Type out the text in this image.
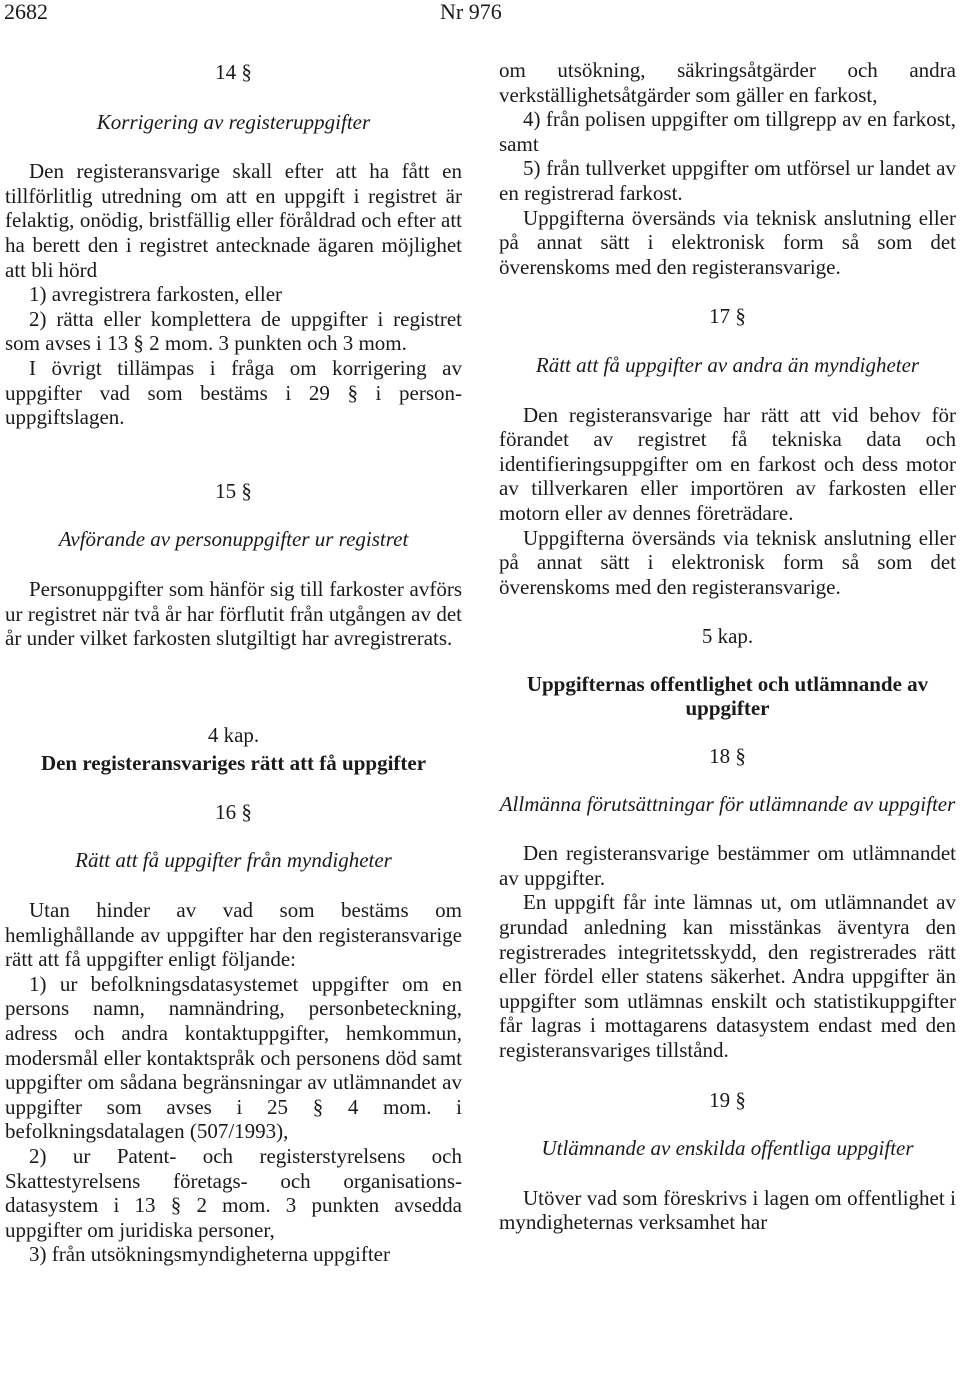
2682	Nr 976

14 §

Korrigering av registeruppgifter

Den registeransvarige skall efter att ha fått en tillförlitlig utredning om att en uppgift i registret är felaktig, onödig, bristfällig eller föråldrad och efter att ha berett den i registret antecknade ägaren möjlighet att bli hörd

1) avregistrera farkosten, eller

2) rätta eller komplettera de uppgifter i registret som avses i 13 § 2 mom. 3 punkten och 3 mom.

I övrigt tillämpas i fråga om korrigering av uppgifter vad som bestäms i 29 § i personuppgiftslagen.

15 §

Avförande av personuppgifter ur registret

Personuppgifter som hänför sig till farkoster avförs ur registret när två år har förflutit från utgången av det år under vilket farkosten slutgiltigt har avregistrerats.

4 kap.

Den registeransvariges rätt att få uppgifter

16 §

Rätt att få uppgifter från myndigheter

Utan hinder av vad som bestäms om hemlighållande av uppgifter har den registeransvarige rätt att få uppgifter enligt följande:

1) ur befolkningsdatasystemet uppgifter om en persons namn, namnändring, personbeteckning, adress och andra kontaktuppgifter, hemkommun, modersmål eller kontaktspråk och personens död samt uppgifter om sådana begränsningar av utlämnandet av uppgifter som avses i 25 § 4 mom. i befolkningsdatalagen (507/1993),

2) ur Patent- och registerstyrelsens och Skattestyrelsens företags- och organisationsdatasystem i 13 § 2 mom. 3 punkten avsedda uppgifter om juridiska personer,

3) från utsökningsmyndigheterna uppgifter

om utsökning, säkringsåtgärder och andra verkställighetsåtgärder som gäller en farkost,

4) från polisen uppgifter om tillgrepp av en farkost, samt

5) från tullverket uppgifter om utförsel ur landet av en registrerad farkost.

Uppgifterna översänds via teknisk anslutning eller på annat sätt i elektronisk form så som det överenskoms med den registeransvarige.

17 §

Rätt att få uppgifter av andra än myndigheter

Den registeransvarige har rätt att vid behov för förandet av registret få tekniska data och identifieringsuppgifter om en farkost och dess motor av tillverkaren eller importören av farkosten eller motorn eller av dennes företrädare.

Uppgifterna översänds via teknisk anslutning eller på annat sätt i elektronisk form så som det överenskoms med den registeransvarige.

5 kap.

Uppgifternas offentlighet och utlämnande av uppgifter

18 §

Allmänna förutsättningar för utlämnande av uppgifter

Den registeransvarige bestämmer om utlämnandet av uppgifter.

En uppgift får inte lämnas ut, om utlämnandet av grundad anledning kan misstänkas äventyra den registrerades integritetsskydd, den registrerades rätt eller fördel eller statens säkerhet. Andra uppgifter än uppgifter som utlämnas enskilt och statistikuppgifter får lagras i mottagarens datasystem endast med den registeransvariges tillstånd.

19 §

Utlämnande av enskilda offentliga uppgifter

Utöver vad som föreskrivs i lagen om offentlighet i myndigheternas verksamhet har
